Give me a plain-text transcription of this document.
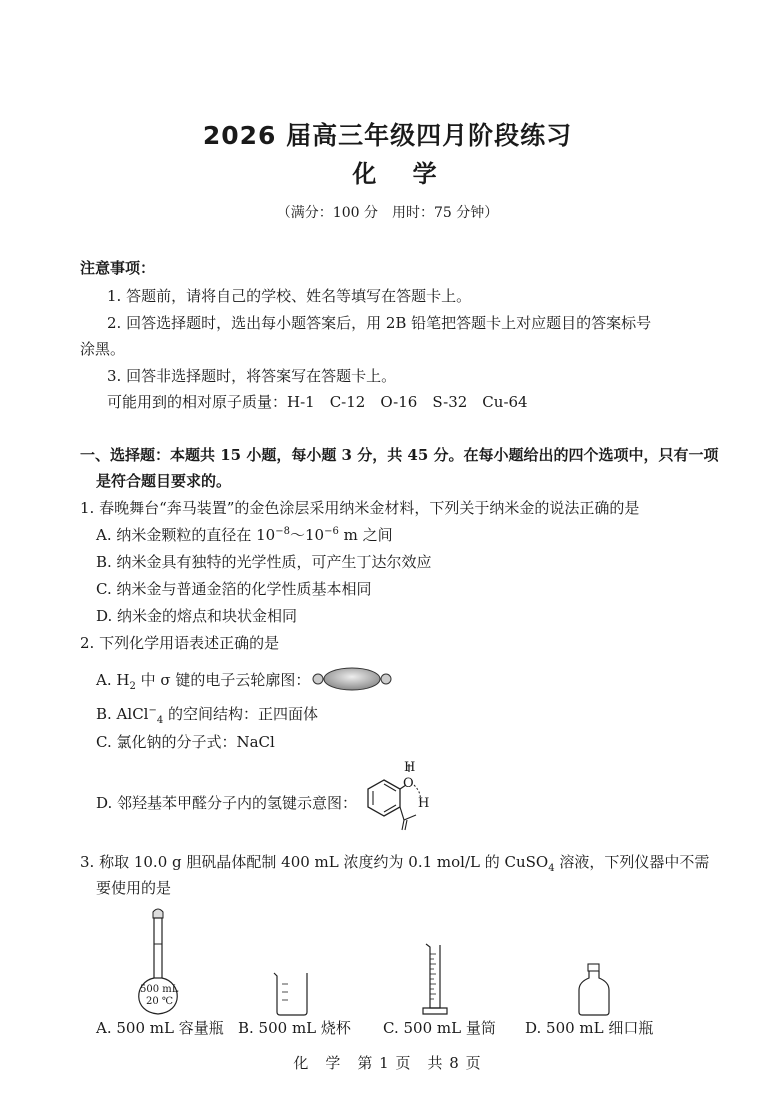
2026 届高三年级四月阶段练习
化 学
（满分：100 分　用时：75 分钟）
注意事项：
1. 答题前，请将自己的学校、姓名等填写在答题卡上。
2. 回答选择题时，选出每小题答案后，用 2B 铅笔把答题卡上对应题目的答案标号
涂黑。
3. 回答非选择题时，将答案写在答题卡上。
可能用到的相对原子质量：H-1　C-12　O-16　S-32　Cu-64
一、选择题：本题共 15 小题，每小题 3 分，共 45 分。在每小题给出的四个选项中，只有一项
是符合题目要求的。
1. 春晚舞台“奔马装置”的金色涂层采用纳米金材料，下列关于纳米金的说法正确的是
A. 纳米金颗粒的直径在 $10^{-8}\sim 10^{-6}$ m 之间
B. 纳米金具有独特的光学性质，可产生丁达尔效应
C. 纳米金与普通金箔的化学性质基本相同
D. 纳米金的熔点和块状金相同
2. 下列化学用语表述正确的是
A. $H_2$ 中 σ 键的电子云轮廓图：
B. AlCl−$_4$ 的空间结构：正四面体
C. 氯化钠的分子式：NaCl
D. 邻羟基苯甲醛分子内的氢键示意图：
H
O
H
3. 称取 10.0 g 胆矾晶体配制 400 mL 浓度约为 0.1 mol/L 的 CuSO$_4$ 溶液，下列仪器中不需
要使用的是
500 mL
20 ℃
A. 500 mL 容量瓶 B. 500 mL 烧杯 C. 500 mL 量筒 D. 500 mL 细口瓶
化　学　第 1 页　共 8 页
